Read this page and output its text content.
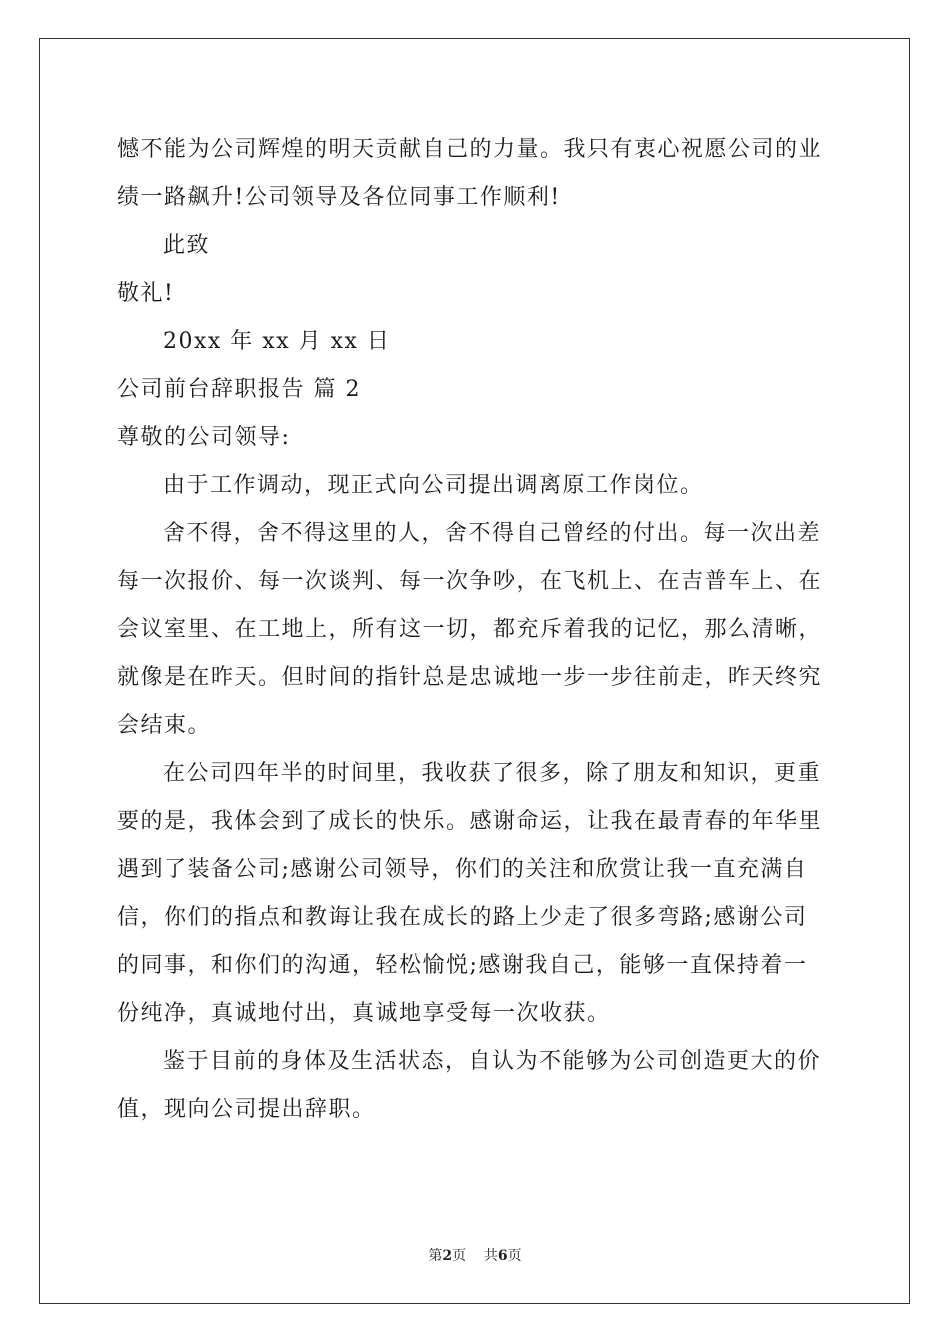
憾不能为公司辉煌的明天贡献自己的力量。我只有衷心祝愿公司的业
绩一路飙升!公司领导及各位同事工作顺利!
此致
敬礼!
20xx 年 xx 月 xx 日
公司前台辞职报告 篇 2
尊敬的公司领导:
由于工作调动，现正式向公司提出调离原工作岗位。
舍不得，舍不得这里的人，舍不得自己曾经的付出。每一次出差
每一次报价、每一次谈判、每一次争吵，在飞机上、在吉普车上、在
会议室里、在工地上，所有这一切，都充斥着我的记忆，那么清晰，
就像是在昨天。但时间的指针总是忠诚地一步一步往前走，昨天终究
会结束。
在公司四年半的时间里，我收获了很多，除了朋友和知识，更重
要的是，我体会到了成长的快乐。感谢命运，让我在最青春的年华里
遇到了装备公司;感谢公司领导，你们的关注和欣赏让我一直充满自
信，你们的指点和教诲让我在成长的路上少走了很多弯路;感谢公司
的同事，和你们的沟通，轻松愉悦;感谢我自己，能够一直保持着一
份纯净，真诚地付出，真诚地享受每一次收获。
鉴于目前的身体及生活状态，自认为不能够为公司创造更大的价
值，现向公司提出辞职。
第2页 共6页
